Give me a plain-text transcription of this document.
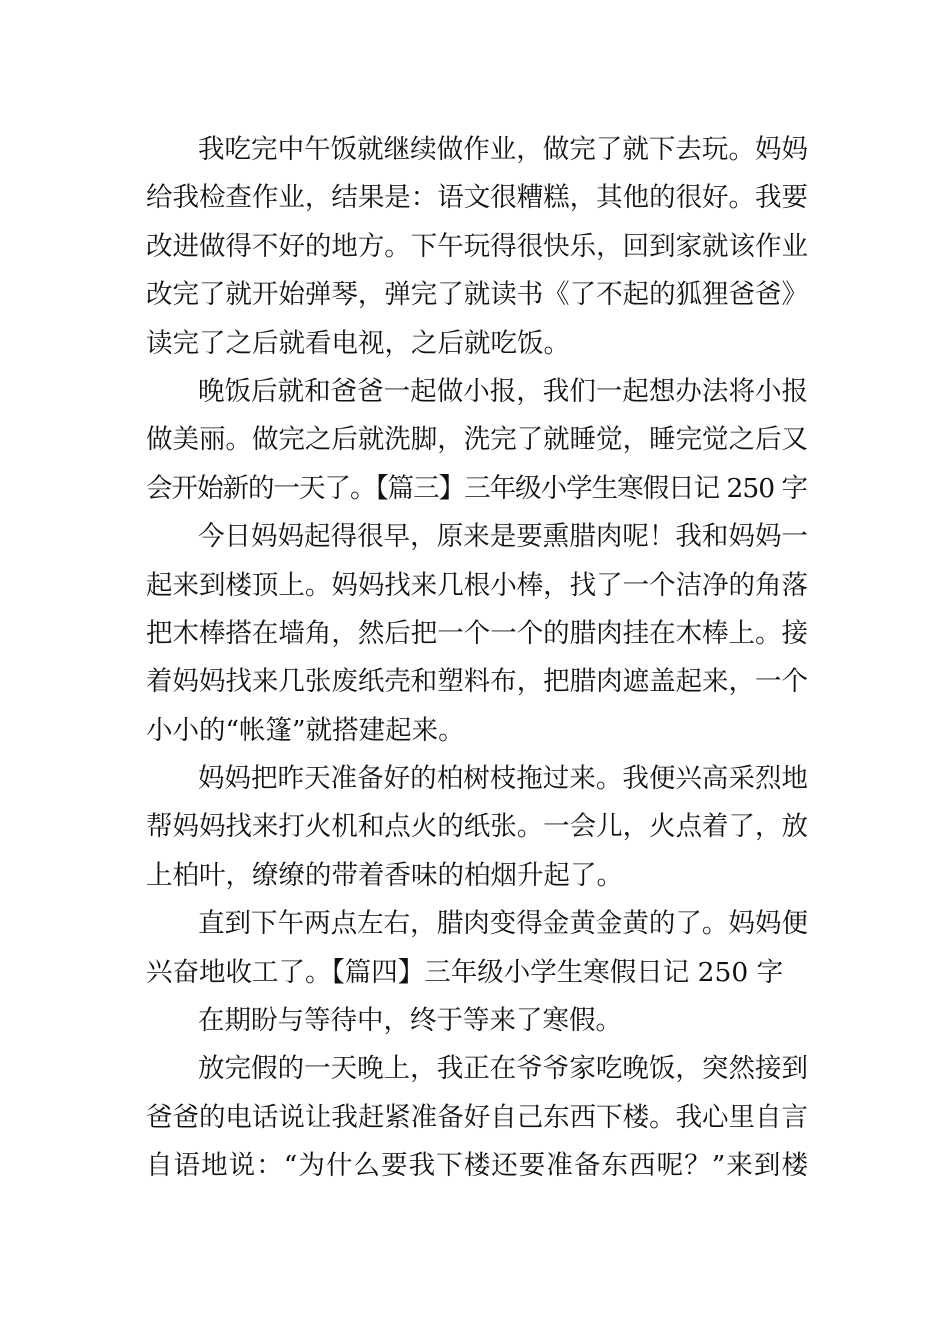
我吃完中午饭就继续做作业，做完了就下去玩。妈妈
给我检查作业，结果是：语文很糟糕，其他的很好。我要
改进做得不好的地方。下午玩得很快乐，回到家就该作业
改完了就开始弹琴，弹完了就读书《了不起的狐狸爸爸》
读完了之后就看电视，之后就吃饭。
晚饭后就和爸爸一起做小报，我们一起想办法将小报
做美丽。做完之后就洗脚，洗完了就睡觉，睡完觉之后又
会开始新的一天了。【篇三】三年级小学生寒假日记 250 字
今日妈妈起得很早，原来是要熏腊肉呢！我和妈妈一
起来到楼顶上。妈妈找来几根小棒，找了一个洁净的角落
把木棒搭在墙角，然后把一个一个的腊肉挂在木棒上。接
着妈妈找来几张废纸壳和塑料布，把腊肉遮盖起来，一个
小小的“帐篷”就搭建起来。
妈妈把昨天准备好的柏树枝拖过来。我便兴高采烈地
帮妈妈找来打火机和点火的纸张。一会儿，火点着了，放
上柏叶，缭缭的带着香味的柏烟升起了。
直到下午两点左右，腊肉变得金黄金黄的了。妈妈便
兴奋地收工了。【篇四】三年级小学生寒假日记 250 字
在期盼与等待中，终于等来了寒假。
放完假的一天晚上，我正在爷爷家吃晚饭，突然接到
爸爸的电话说让我赶紧准备好自己东西下楼。我心里自言
自语地说：“为什么要我下楼还要准备东西呢？”来到楼
